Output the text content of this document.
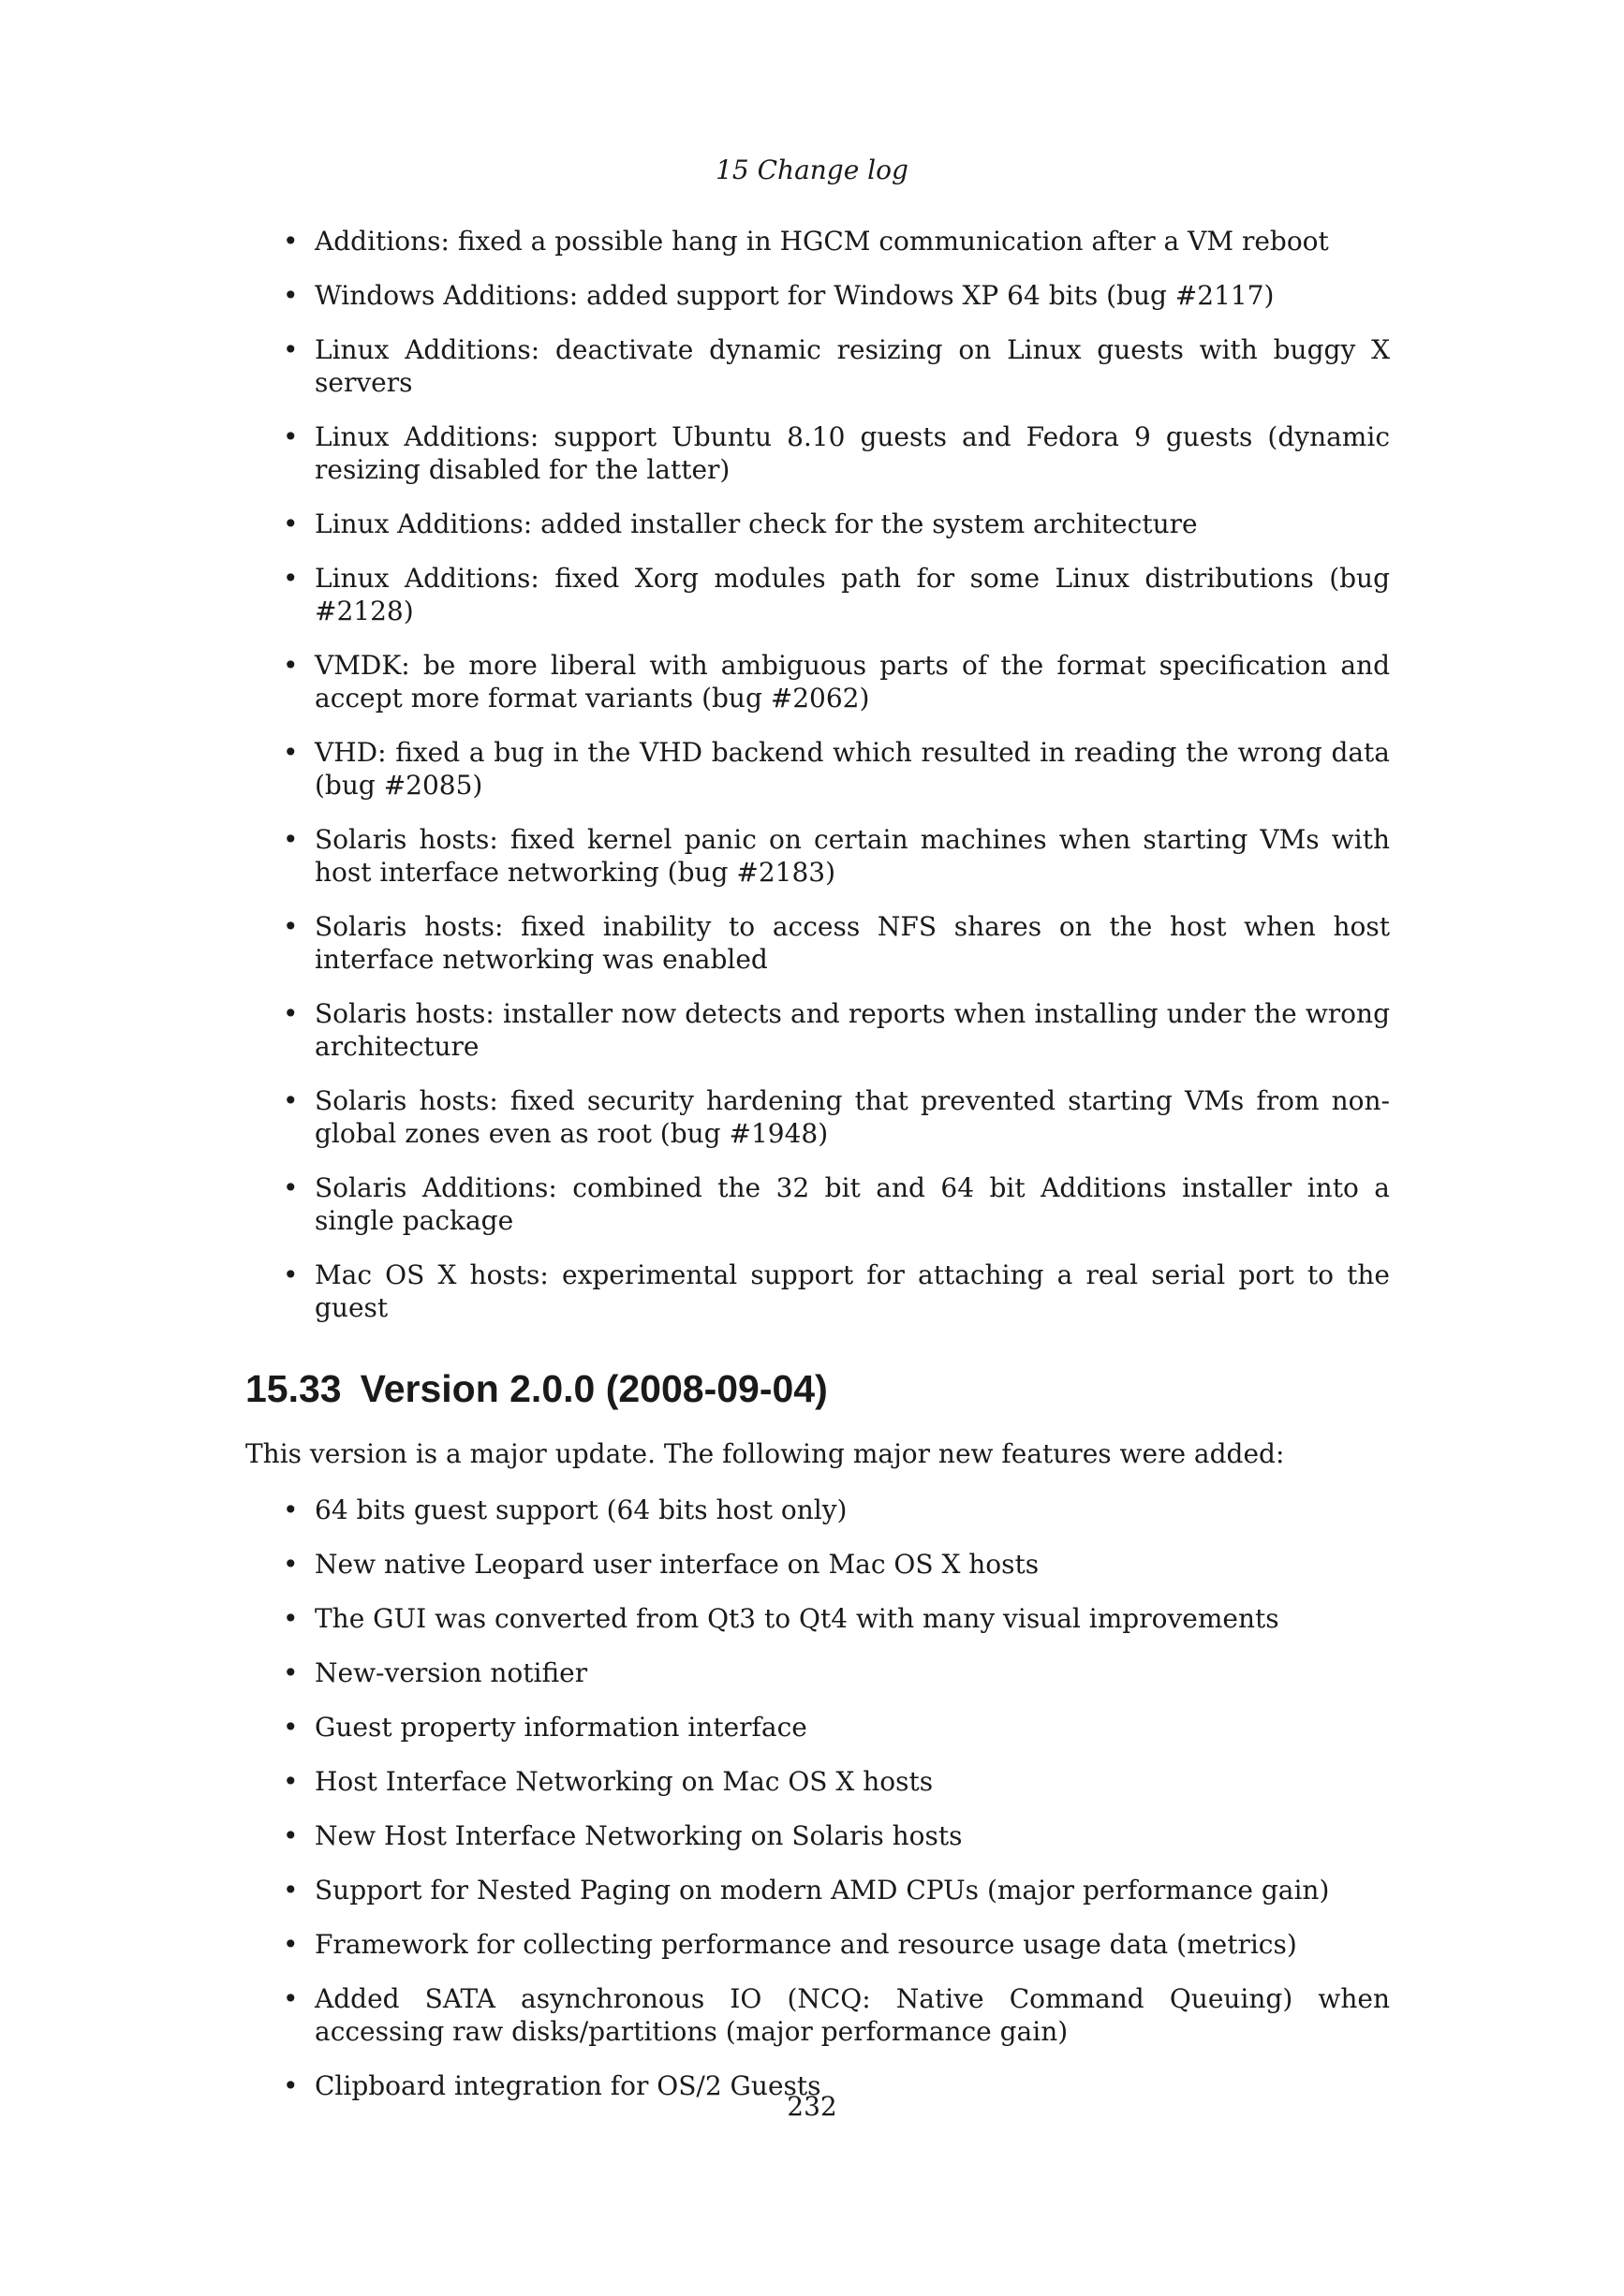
15 Change log
• Additions: fixed a possible hang in HGCM communication after a VM reboot
• Windows Additions: added support for Windows XP 64 bits (bug #2117)
• Linux Additions: deactivate dynamic resizing on Linux guests with buggy X servers
• Linux Additions: support Ubuntu 8.10 guests and Fedora 9 guests (dynamic resizing disabled for the latter)
• Linux Additions: added installer check for the system architecture
• Linux Additions: fixed Xorg modules path for some Linux distributions (bug #2128)
• VMDK: be more liberal with ambiguous parts of the format specification and accept more format variants (bug #2062)
• VHD: fixed a bug in the VHD backend which resulted in reading the wrong data (bug #2085)
• Solaris hosts: fixed kernel panic on certain machines when starting VMs with host interface networking (bug #2183)
• Solaris hosts: fixed inability to access NFS shares on the host when host interface networking was enabled
• Solaris hosts: installer now detects and reports when installing under the wrong architecture
• Solaris hosts: fixed security hardening that prevented starting VMs from non-global zones even as root (bug #1948)
• Solaris Additions: combined the 32 bit and 64 bit Additions installer into a single package
• Mac OS X hosts: experimental support for attaching a real serial port to the guest
15.33 Version 2.0.0 (2008-09-04)

This version is a major update. The following major new features were added:

• 64 bits guest support (64 bits host only)
• New native Leopard user interface on Mac OS X hosts
• The GUI was converted from Qt3 to Qt4 with many visual improvements
• New-version notifier
• Guest property information interface
• Host Interface Networking on Mac OS X hosts
• New Host Interface Networking on Solaris hosts
• Support for Nested Paging on modern AMD CPUs (major performance gain)
• Framework for collecting performance and resource usage data (metrics)
• Added SATA asynchronous IO (NCQ: Native Command Queuing) when accessing raw disks/partitions (major performance gain)
• Clipboard integration for OS/2 Guests
232
